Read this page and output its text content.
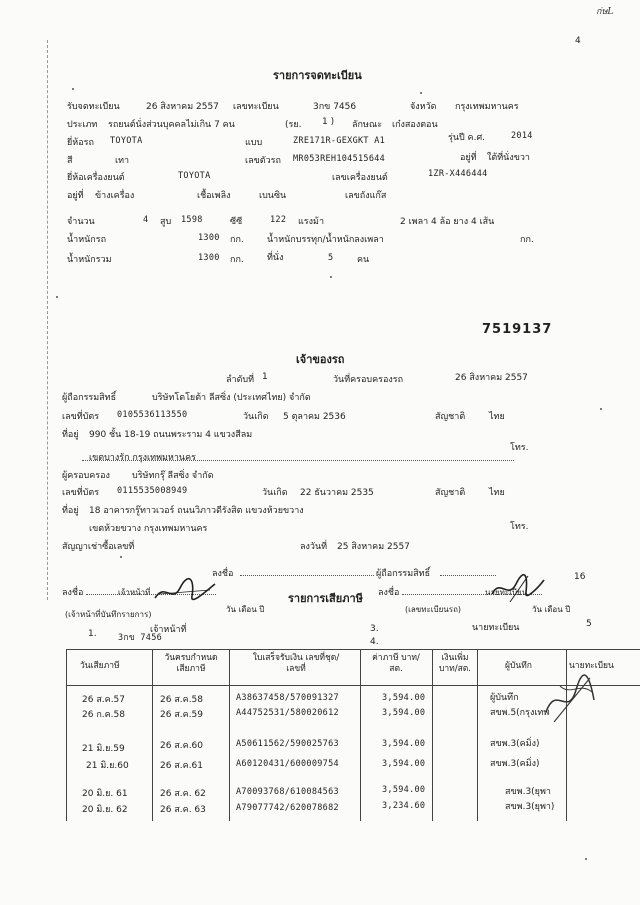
ก่ษL
4
รายการจดทะเบียน
รับจดทะเบียน	26 สิงหาคม 2557 เลขทะเบียน	3กข 7456	จังหวัด กรุงเทพมหานคร
ประเภท รถยนต์นั่งส่วนบุคคลไม่เกิน 7 คน	(รย. 1 ) ลักษณะ เก๋งสองตอน
ยี่ห้อรถ TOYOTA	แบบ	ZRE171R-GEXGKT A1	รุ่นปี ค.ศ.	2014
สี	เทา	เลขตัวรถ MR053REH104515644	อยู่ที่ ใต้ที่นั่งขวา
ยี่ห้อเครื่องยนต์	TOYOTA	เลขเครื่องยนต์	1ZR-X446444
อยู่ที่ ข้างเครื่อง	เชื้อเพลิง	เบนซิน	เลขถังแก๊ส
จำนวน	4 สูบ 1598	ซีซี	122 แรงม้า	2 เพลา 4 ล้อ ยาง 4 เส้น
น้ำหนักรถ	1300 กก.	น้ำหนักบรรทุก/น้ำหนักลงเพลา	กก.
น้ำหนักรวม	1300 กก.	ที่นั่ง	5	คน
7519137
เจ้าของรถ
ลำดับที่ 1	วันที่ครอบครองรถ	26 สิงหาคม 2557
ผู้ถือกรรมสิทธิ์	บริษัทโตโยต้า ลีสซิ่ง (ประเทศไทย) จำกัด
เลขที่บัตร 0105536113550	วันเกิด 5 ตุลาคม 2536	สัญชาติ	ไทย
ที่อยู่ 990 ชั้น 18-19 ถนนพระราม 4 แขวงสีลม
เขตบางรัก กรุงเทพมหานคร
โทร.
ผู้ครอบครอง บริษัทกรุ๊ ลีสซิ่ง จำกัด
เลขที่บัตร 0115535008949	วันเกิด 22 ธันวาคม 2535	สัญชาติ	ไทย
ที่อยู่ 18 อาคารกรู๊ทาวเวอร์ ถนนวิภาวดีรังสิต แขวงห้วยขวาง
เขตห้วยขวาง กรุงเทพมหานคร	โทร.
สัญญาเช่าซื้อเลขที่	ลงวันที่ 25 สิงหาคม 2557
ลงชื่อ	ผู้ถือกรรมสิทธิ์	16
ลงชื่อ	เจ้าหน้าที่
(เจ้าหน้าที่บันทึกรายการ)
เจ้าหน้าที่
วัน เดือน ปี
รายการเสียภาษี ลงชื่อ	นายทะเบียน
(เลขทะเบียนรถ)	วัน เดือน ปี
นายทะเบียน
1.	3กข 7456
3.
4.
5
วันเสียภาษี
วันครบกำหนด เสียภาษี
ใบเสร็จรับเงิน เลขที่ชุด/เลขที่
ค่าภาษี บาท/สต.
เงินเพิ่ม บาท/สต.	ผู้บันทึก	นายทะเบียน
26 ส.ค.57	26 ส.ค.58	A38637458/570091327	3,594.00	ผู้บันทึก
26 ก.ค.58	26 ส.ค.59	A44752531/580020612	3,594.00	สขพ.5(กรุงเทพ
21 มิ.ย.59	26 ส.ค.60	A50611562/590025763	3,594.00	สขพ.3(คมิ่ง)
21 มิ.ย.60	26 ส.ค.61	A60120431/600009754	3,594.00	สขพ.3(คมิ่ง)
20 มิ.ย. 61	26 ส.ค. 62	A70093768/610084563	3,594.00	สขพ.3(ยุพา
20 มิ.ย. 62	26 ส.ค. 63	A79077742/620078682	3,234.60	สขพ.3(ยุพา)
